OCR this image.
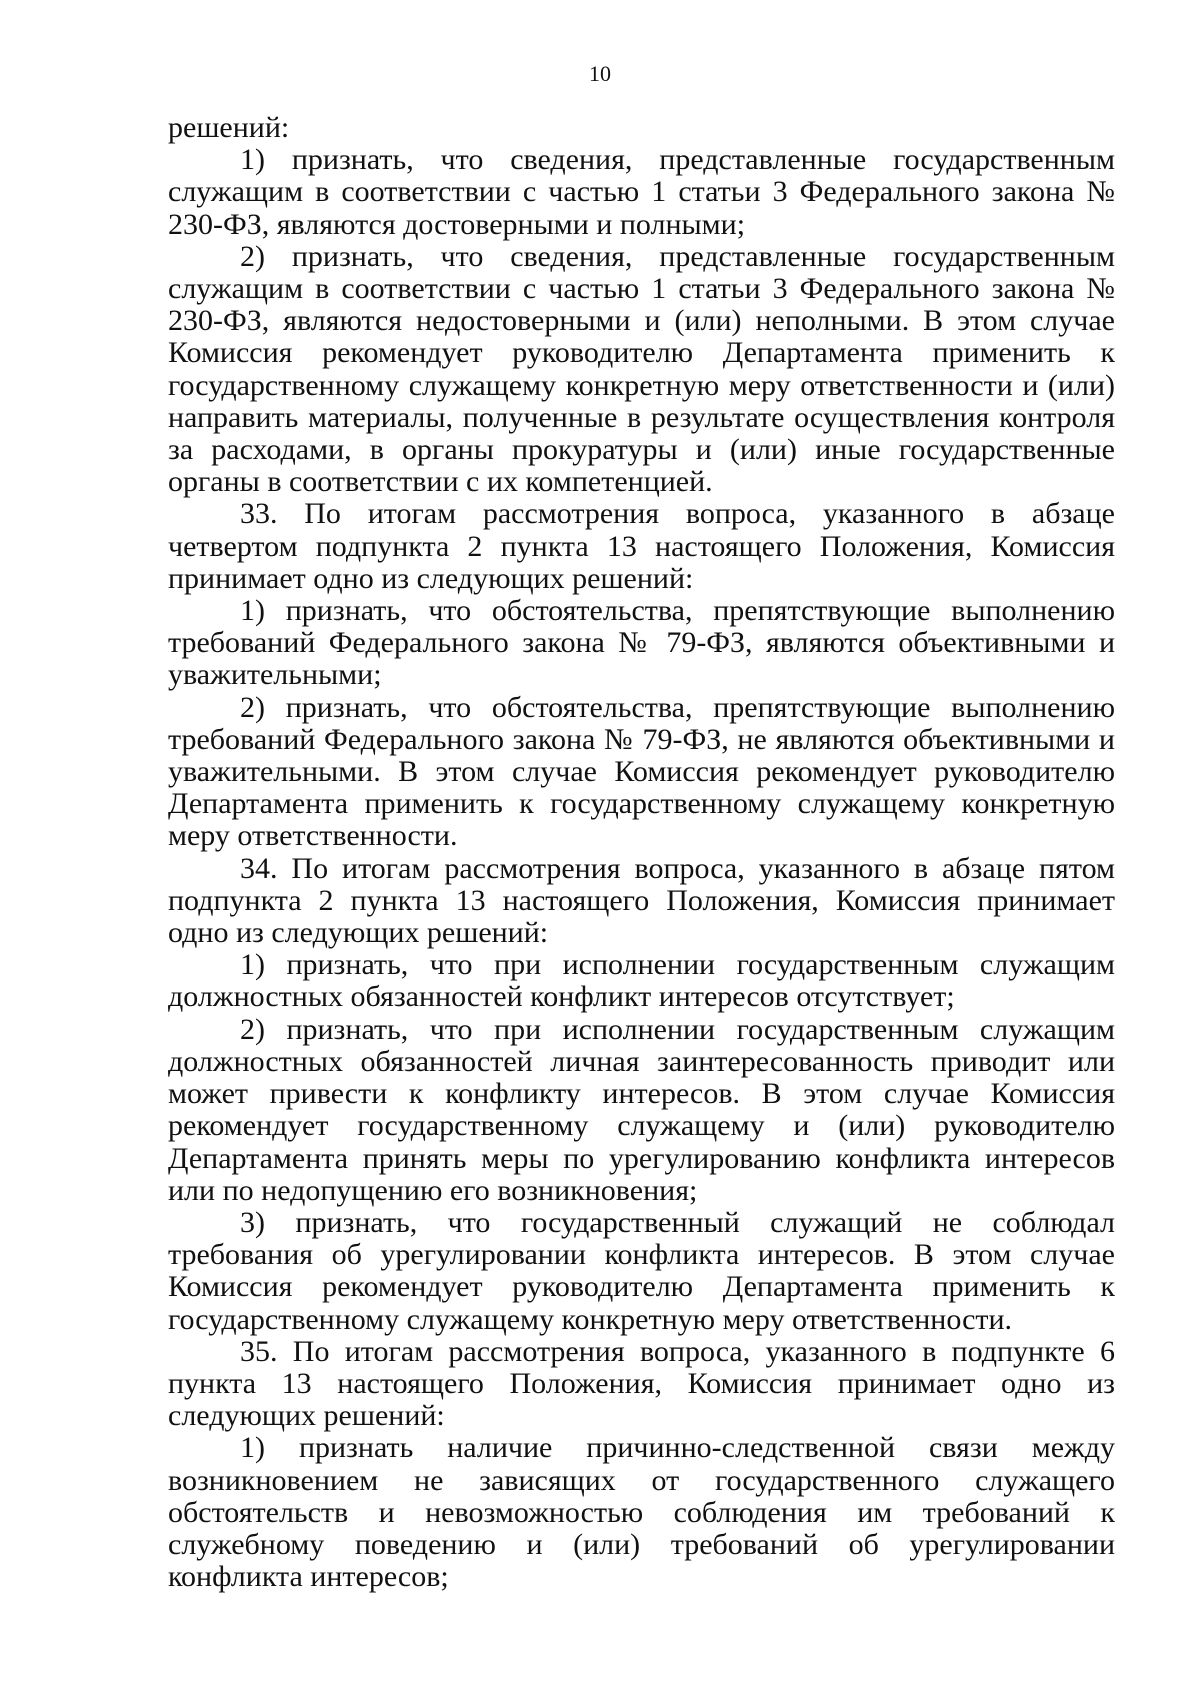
10

решений:

1) признать, что сведения, представленные государственным служащим в соответствии с частью 1 статьи 3 Федерального закона № 230-ФЗ, являются достоверными и полными;

2) признать, что сведения, представленные государственным служащим в соответствии с частью 1 статьи 3 Федерального закона № 230-ФЗ, являются недостоверными и (или) неполными. В этом случае Комиссия рекомендует руководителю Департамента применить к государственному служащему конкретную меру ответственности и (или) направить материалы, полученные в результате осуществления контроля за расходами, в органы прокуратуры и (или) иные государственные органы в соответствии с их компетенцией.

33. По итогам рассмотрения вопроса, указанного в абзаце четвертом подпункта 2 пункта 13 настоящего Положения, Комиссия принимает одно из следующих решений:

1) признать, что обстоятельства, препятствующие выполнению требований Федерального закона № 79-ФЗ, являются объективными и уважительными;

2) признать, что обстоятельства, препятствующие выполнению требований Федерального закона № 79-ФЗ, не являются объективными и уважительными. В этом случае Комиссия рекомендует руководителю Департамента применить к государственному служащему конкретную меру ответственности.

34. По итогам рассмотрения вопроса, указанного в абзаце пятом подпункта 2 пункта 13 настоящего Положения, Комиссия принимает одно из следующих решений:

1) признать, что при исполнении государственным служащим должностных обязанностей конфликт интересов отсутствует;

2) признать, что при исполнении государственным служащим должностных обязанностей личная заинтересованность приводит или может привести к конфликту интересов. В этом случае Комиссия рекомендует государственному служащему и (или) руководителю Департамента принять меры по урегулированию конфликта интересов или по недопущению его возникновения;

3) признать, что государственный служащий не соблюдал требования об урегулировании конфликта интересов. В этом случае Комиссия рекомендует руководителю Департамента применить к государственному служащему конкретную меру ответственности.

35. По итогам рассмотрения вопроса, указанного в подпункте 6 пункта 13 настоящего Положения, Комиссия принимает одно из следующих решений:

1) признать наличие причинно-следственной связи между возникновением не зависящих от государственного служащего обстоятельств и невозможностью соблюдения им требований к служебному поведению и (или) требований об урегулировании конфликта интересов;
